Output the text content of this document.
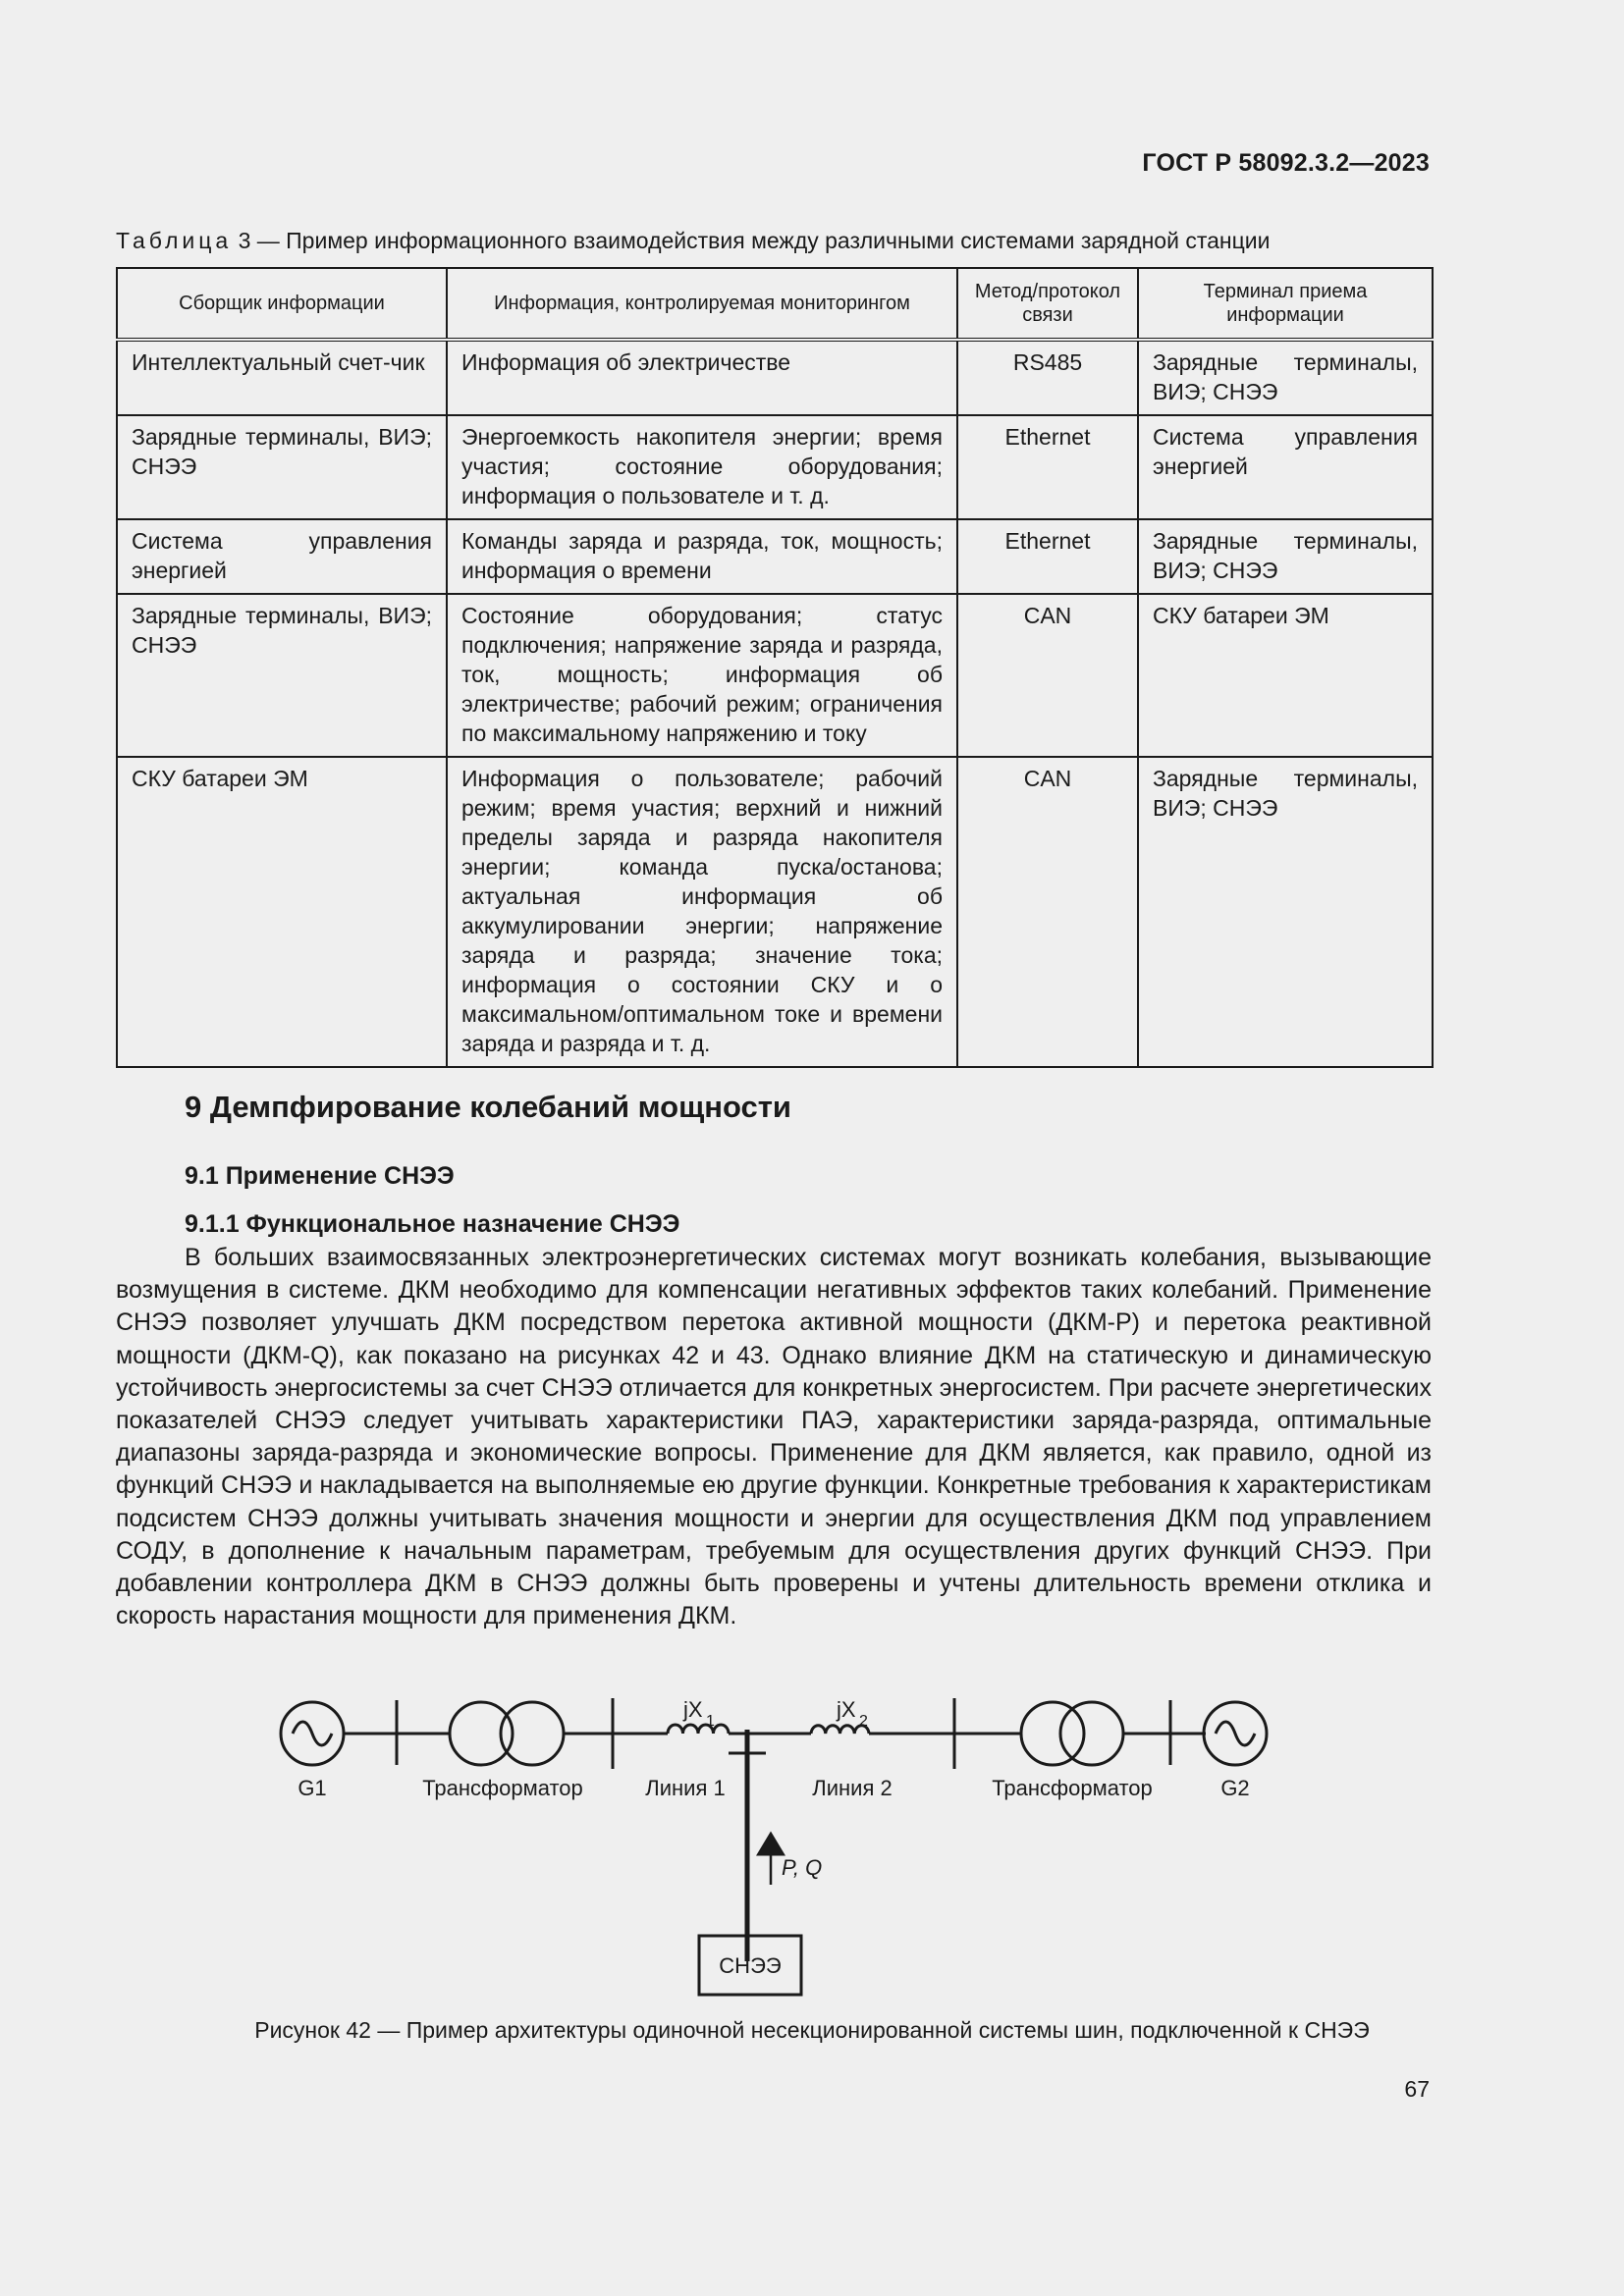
ГОСТ Р 58092.3.2—2023
Таблица 3 — Пример информационного взаимодействия между различными системами зарядной станции
Сборщик информации	Информация, контролируемая мониторингом	Метод/протокол связи	Терминал приема информации
Интеллектуальный счет-чик	Информация об электричестве	RS485	Зарядные терминалы, ВИЭ; СНЭЭ
Зарядные терминалы, ВИЭ; СНЭЭ	Энергоемкость накопителя энергии; время участия; состояние оборудования; информация о пользователе и т. д.	Ethernet	Система управления энергией
Система управления энергией	Команды заряда и разряда, ток, мощность; информация о времени	Ethernet	Зарядные терминалы, ВИЭ; СНЭЭ
Зарядные терминалы, ВИЭ; СНЭЭ	Состояние оборудования; статус подключения; напряжение заряда и разряда, ток, мощность; информация об электричестве; рабочий режим; ограничения по максимальному напряжению и току	CAN	СКУ батареи ЭМ
СКУ батареи ЭМ	Информация о пользователе; рабочий режим; время участия; верхний и нижний пределы заряда и разряда накопителя энергии; команда пуска/останова; актуальная информация об аккумулировании энергии; напряжение заряда и разряда; значение тока; информация о состоянии СКУ и о максимальном/оптимальном токе и времени заряда и разряда и т. д.	CAN	Зарядные терминалы, ВИЭ; СНЭЭ
9 Демпфирование колебаний мощности
9.1 Применение СНЭЭ
9.1.1 Функциональное назначение СНЭЭ

В больших взаимосвязанных электроэнергетических системах могут возникать колебания, вызывающие возмущения в системе. ДКМ необходимо для компенсации негативных эффектов таких колебаний. Применение СНЭЭ позволяет улучшать ДКМ посредством перетока активной мощности (ДКМ-P) и перетока реактивной мощности (ДКМ-Q), как показано на рисунках 42 и 43. Однако влияние ДКМ на статическую и динамическую устойчивость энергосистемы за счет СНЭЭ отличается для конкретных энергосистем. При расчете энергетических показателей СНЭЭ следует учитывать характеристики ПАЭ, характеристики заряда-разряда, оптимальные диапазоны заряда-разряда и экономические вопросы. Применение для ДКМ является, как правило, одной из функций СНЭЭ и накладывается на выполняемые ею другие функции. Конкретные требования к характеристикам подсистем СНЭЭ должны учитывать значения мощности и энергии для осуществления ДКМ под управлением СОДУ, в дополнение к начальным параметрам, требуемым для осуществления других функций СНЭЭ. При добавлении контроллера ДКМ в СНЭЭ должны быть проверены и учтены длительность времени отклика и скорость нарастания мощности для применения ДКМ.

G1	Трансформатор	Линия 1	Линия 2	Трансформатор	G2
jX 1	jX 2
P, Q
СНЭЭ
Рисунок 42 — Пример архитектуры одиночной несекционированной системы шин, подключенной к СНЭЭ
67
